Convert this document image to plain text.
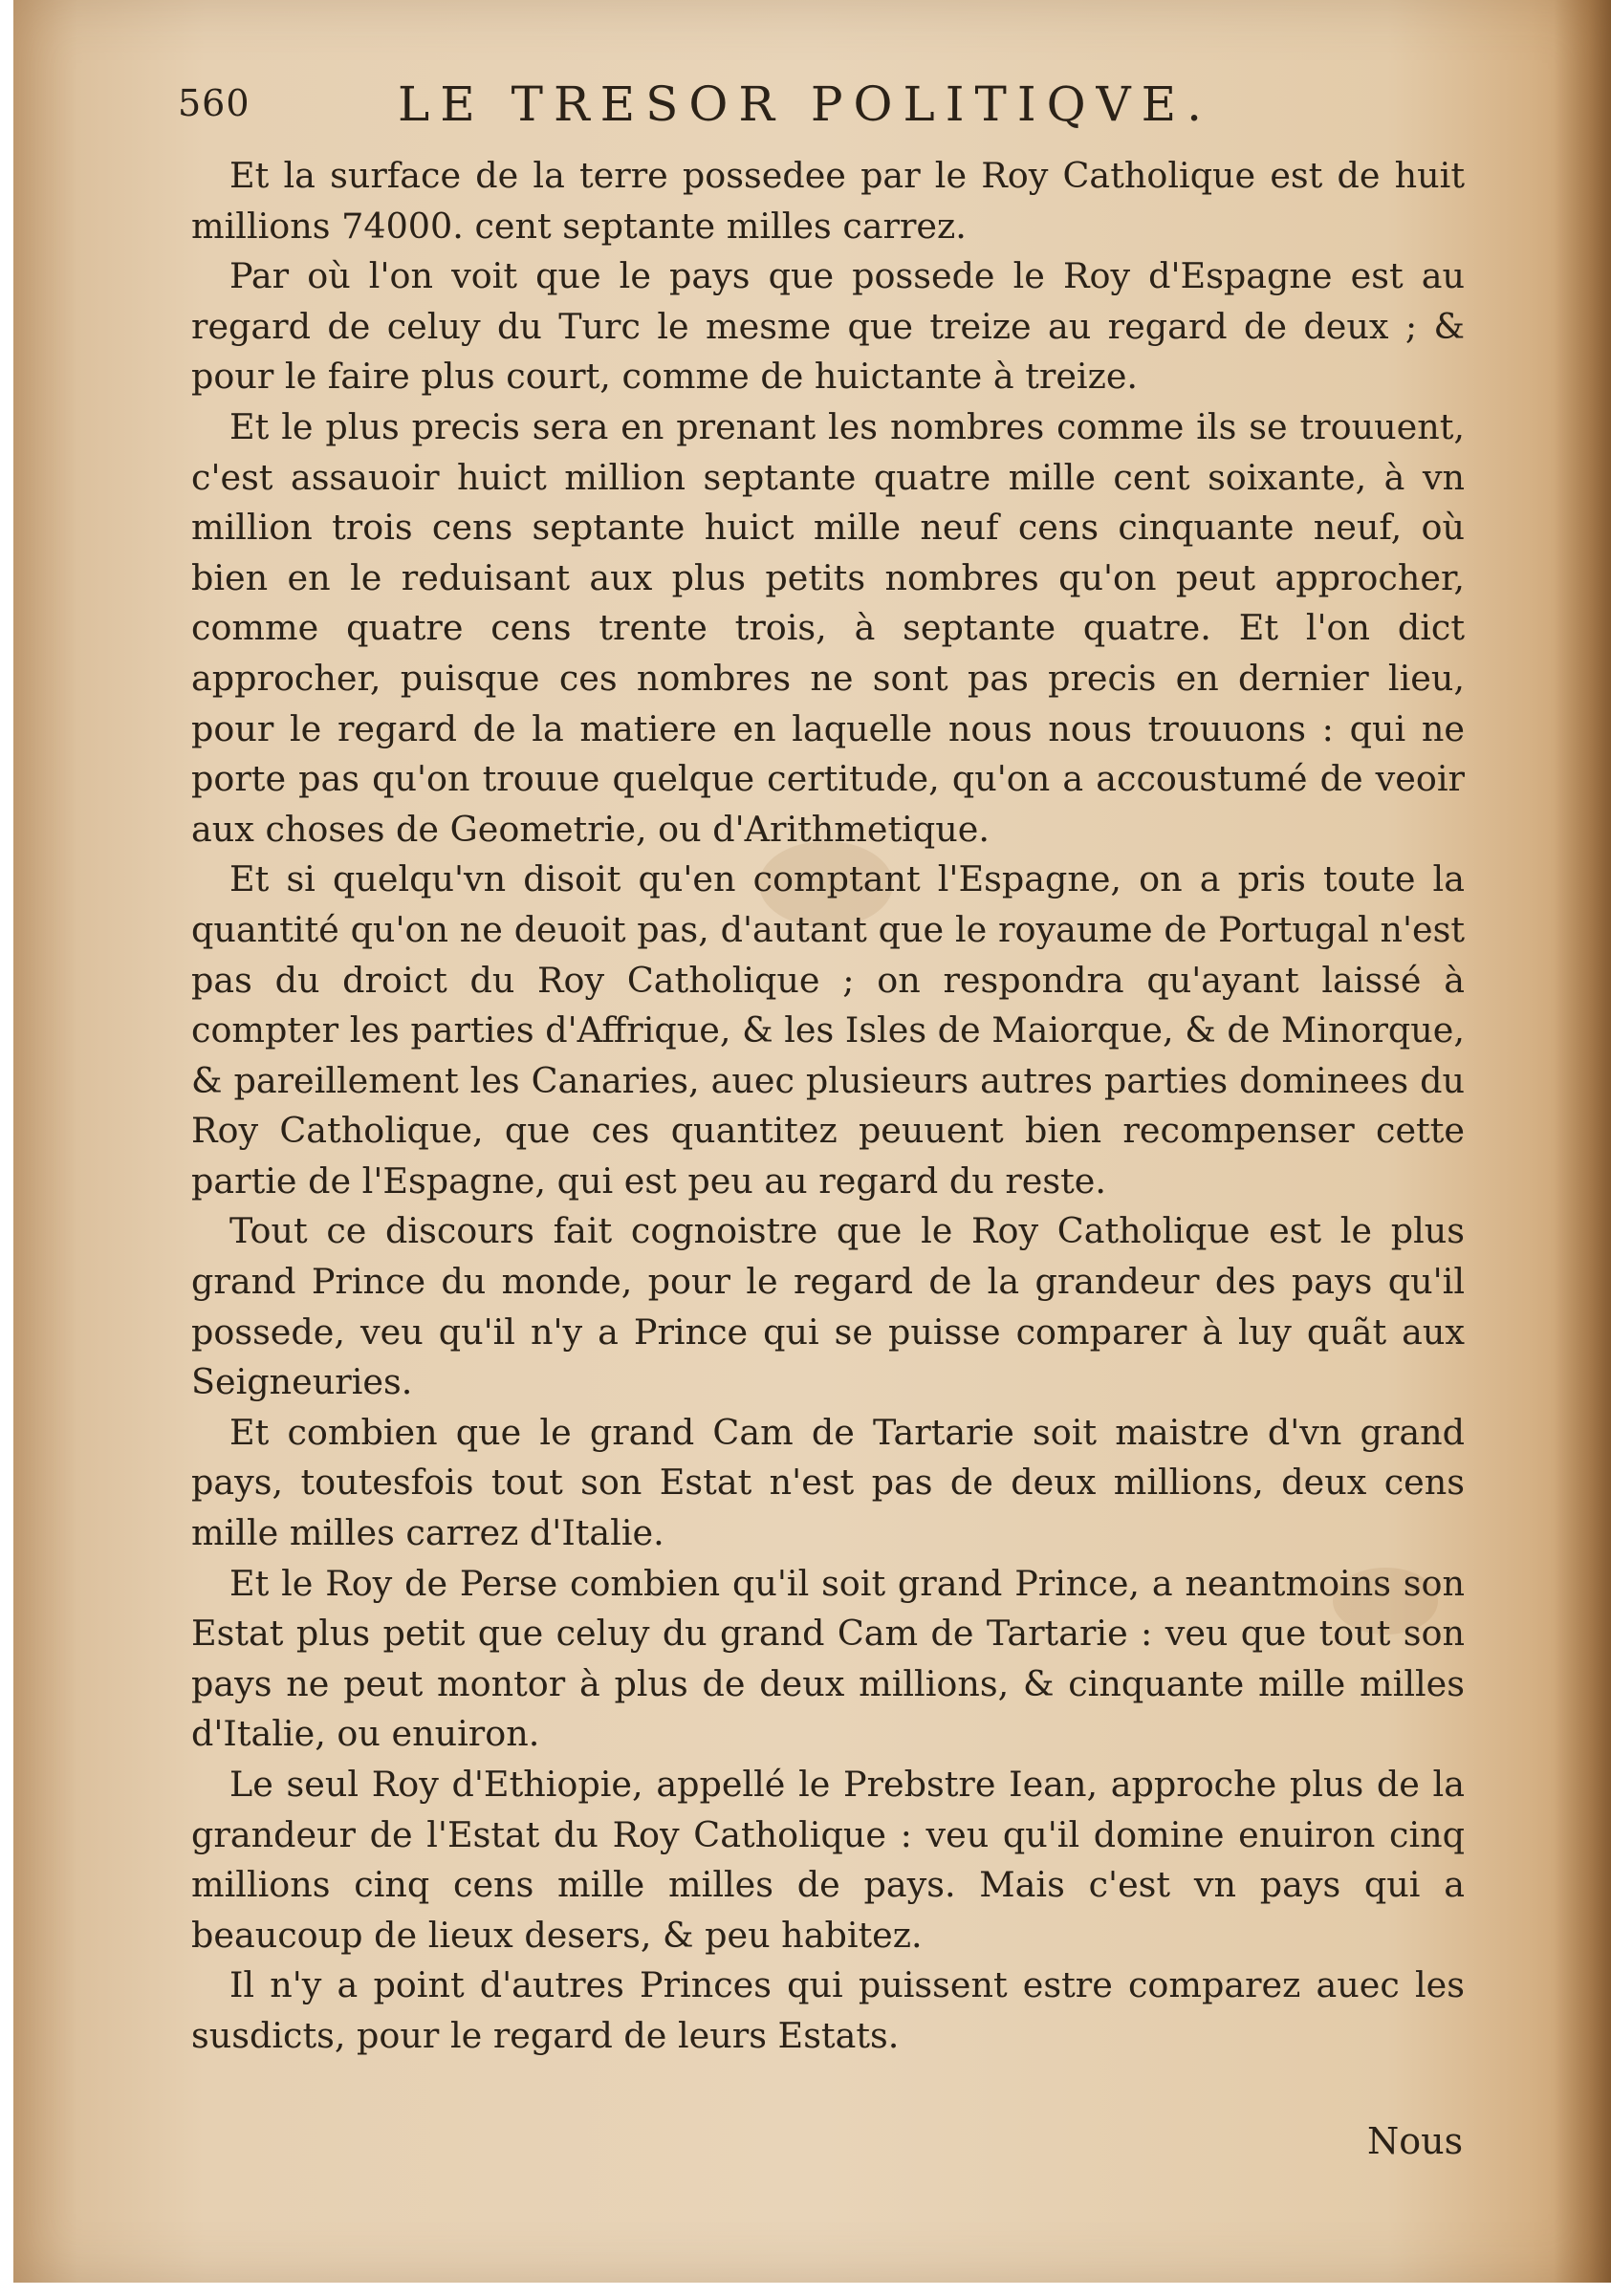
560	LE TRESOR POLITIQVE.

Et la surface de la terre possedee par le Roy Catholique est de huit millions 74000. cent septante milles carrez.

Par où l'on voit que le pays que possede le Roy d'Espagne est au regard de celuy du Turc le mesme que treize au regard de deux ; & pour le faire plus court, comme de huictante à treize.

Et le plus precis sera en prenant les nombres comme ils se trouuent, c'est assauoir huict million septante quatre mille cent soixante, à vn million trois cens septante huict mille neuf cens cinquante neuf, où bien en le reduisant aux plus petits nombres qu'on peut approcher, comme quatre cens trente trois, à septante quatre. Et l'on dict approcher, puisque ces nombres ne sont pas precis en dernier lieu, pour le regard de la matiere en laquelle nous nous trouuons : qui ne porte pas qu'on trouue quelque certitude, qu'on a accoustumé de veoir aux choses de Geometrie, ou d'Arithmetique.

Et si quelqu'vn disoit qu'en comptant l'Espagne, on a pris toute la quantité qu'on ne deuoit pas, d'autant que le royaume de Portugal n'est pas du droict du Roy Catholique ; on respondra qu'ayant laissé à compter les parties d'Affrique, & les Isles de Maiorque, & de Minorque, & pareillement les Canaries, auec plusieurs autres parties dominees du Roy Catholique, que ces quantitez peuuent bien recompenser cette partie de l'Espagne, qui est peu au regard du reste.

Tout ce discours fait cognoistre que le Roy Catholique est le plus grand Prince du monde, pour le regard de la grandeur des pays qu'il possede, veu qu'il n'y a Prince qui se puisse comparer à luy quãt aux Seigneuries.

Et combien que le grand Cam de Tartarie soit maistre d'vn grand pays, toutesfois tout son Estat n'est pas de deux millions, deux cens mille milles carrez d'Italie.

Et le Roy de Perse combien qu'il soit grand Prince, a neantmoins son Estat plus petit que celuy du grand Cam de Tartarie : veu que tout son pays ne peut montor à plus de deux millions, & cinquante mille milles d'Italie, ou enuiron.

Le seul Roy d'Ethiopie, appellé le Prebstre Iean, approche plus de la grandeur de l'Estat du Roy Catholique : veu qu'il domine enuiron cinq millions cinq cens mille milles de pays. Mais c'est vn pays qui a beaucoup de lieux desers, & peu habitez.

Il n'y a point d'autres Princes qui puissent estre comparez auec les susdicts, pour le regard de leurs Estats.

Nous
